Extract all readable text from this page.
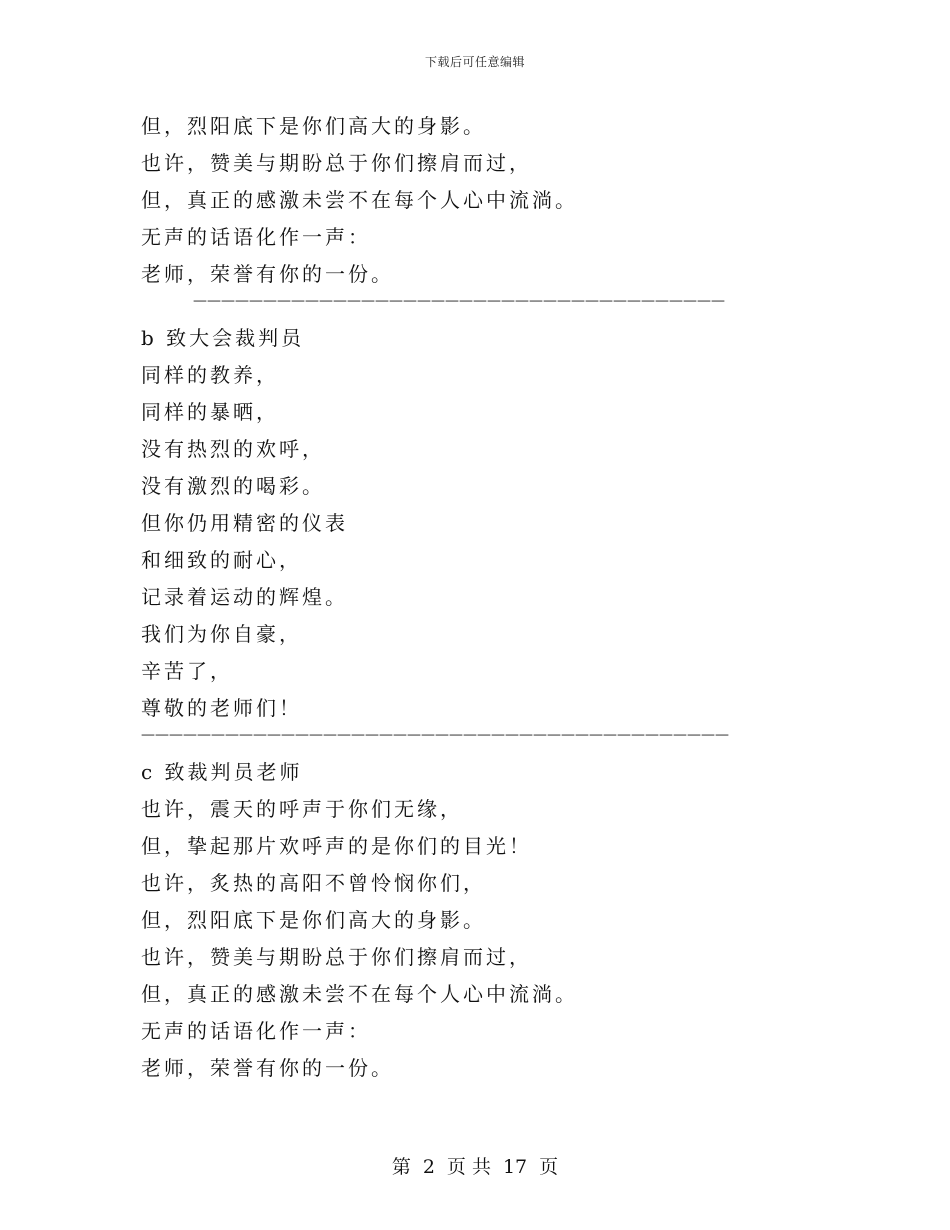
下载后可任意编辑
但，烈阳底下是你们高大的身影。
也许，赞美与期盼总于你们擦肩而过，
但，真正的感激未尝不在每个人心中流淌。
无声的话语化作一声：
老师，荣誉有你的一份。
——————————————————————————————————————
b 致大会裁判员
同样的教养，
同样的暴晒，
没有热烈的欢呼，
没有激烈的喝彩。
但你仍用精密的仪表
和细致的耐心，
记录着运动的辉煌。
我们为你自豪，
辛苦了，
尊敬的老师们！
——————————————————————————————————————————
c 致裁判员老师
也许，震天的呼声于你们无缘，
但，挚起那片欢呼声的是你们的目光！
也许，炙热的高阳不曾怜悯你们，
但，烈阳底下是你们高大的身影。
也许，赞美与期盼总于你们擦肩而过，
但，真正的感激未尝不在每个人心中流淌。
无声的话语化作一声：
老师，荣誉有你的一份。
第 2 页 共 17 页
